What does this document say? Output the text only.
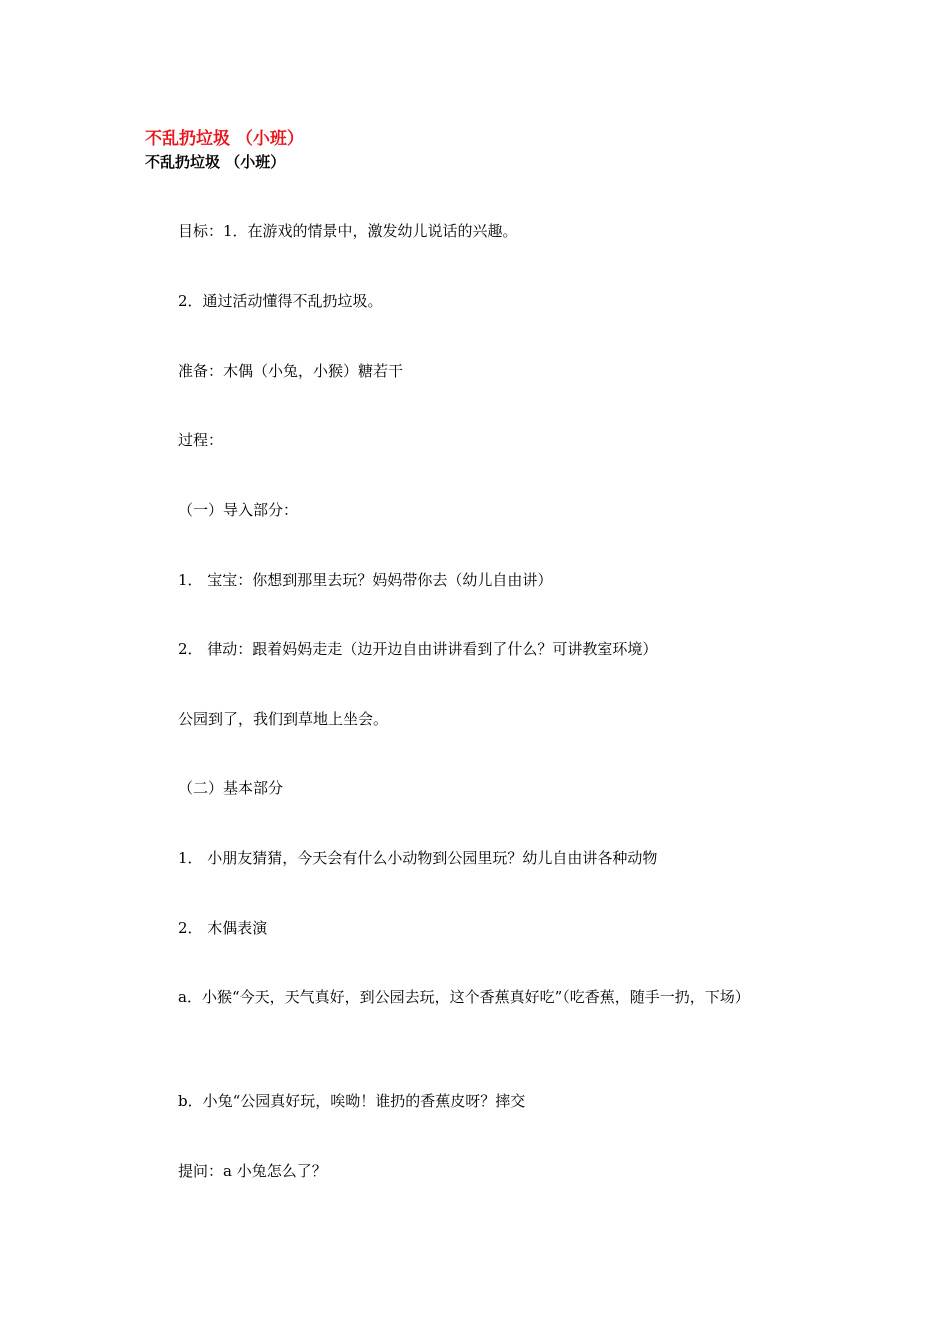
不乱扔垃圾 （小班）
不乱扔垃圾 （小班）
目标：1．在游戏的情景中，激发幼儿说话的兴趣。
2．通过活动懂得不乱扔垃圾。
准备：木偶（小兔，小猴）糖若干
过程：
（一）导入部分：
1． 宝宝：你想到那里去玩？妈妈带你去（幼儿自由讲）
2． 律动：跟着妈妈走走（边开边自由讲讲看到了什么？可讲教室环境）
公园到了，我们到草地上坐会。
（二）基本部分
1． 小朋友猜猜，今天会有什么小动物到公园里玩？幼儿自由讲各种动物
2． 木偶表演
a．小猴“今天，天气真好，到公园去玩，这个香蕉真好吃”（吃香蕉，随手一扔，下场）
b．小兔“公园真好玩，唉呦！谁扔的香蕉皮呀？摔交
提问：a 小兔怎么了？
